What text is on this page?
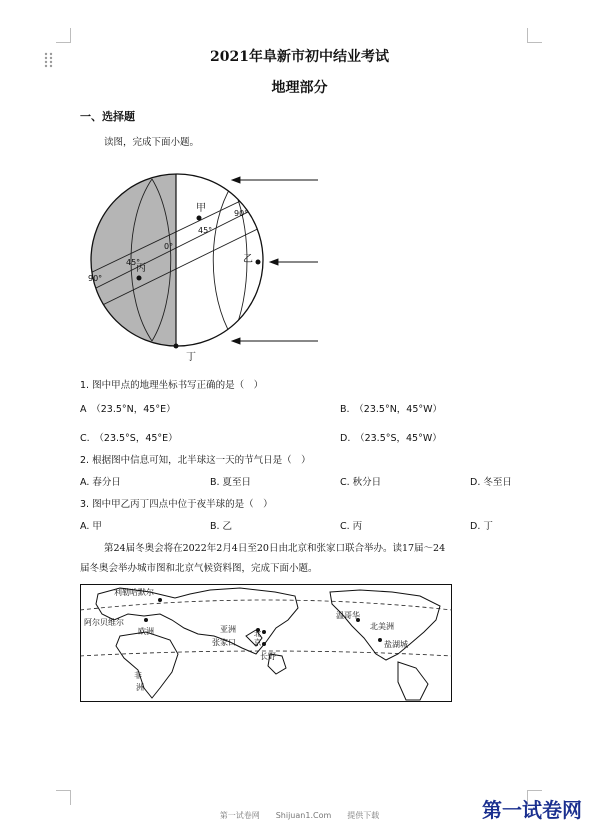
2021年阜新市初中结业考试
地理部分
一、选择题
读图，完成下面小题。
甲
乙
丙
丁
90°
45°
0°
45°
90°
1. 图中甲点的地理坐标书写正确的是（　）
A　（23.5°N，45°E）	B.　（23.5°N，45°W）
C.　（23.5°S，45°E）	D.　（23.5°S，45°W）
2. 根据图中信息可知，北半球这一天的节气日是（　）
A. 春分日	B. 夏至日	C. 秋分日	D. 冬至日
3. 图中甲乙丙丁四点中位于夜半球的是（　）
A. 甲	B. 乙	C. 丙	D. 丁
第24届冬奥会将在2022年2月4日至20日由北京和张家口联合举办。读17届～24
届冬奥会举办城市图和北京气候资料图，完成下面小题。
利勒哈默尔
阿尔贝维尔
欧洲
非
洲
亚洲 北
京
张家口
长野
温哥华
北美洲
盐湖城
第一试卷网　　Shijuan1.Com　　提供下载	第一试卷网
